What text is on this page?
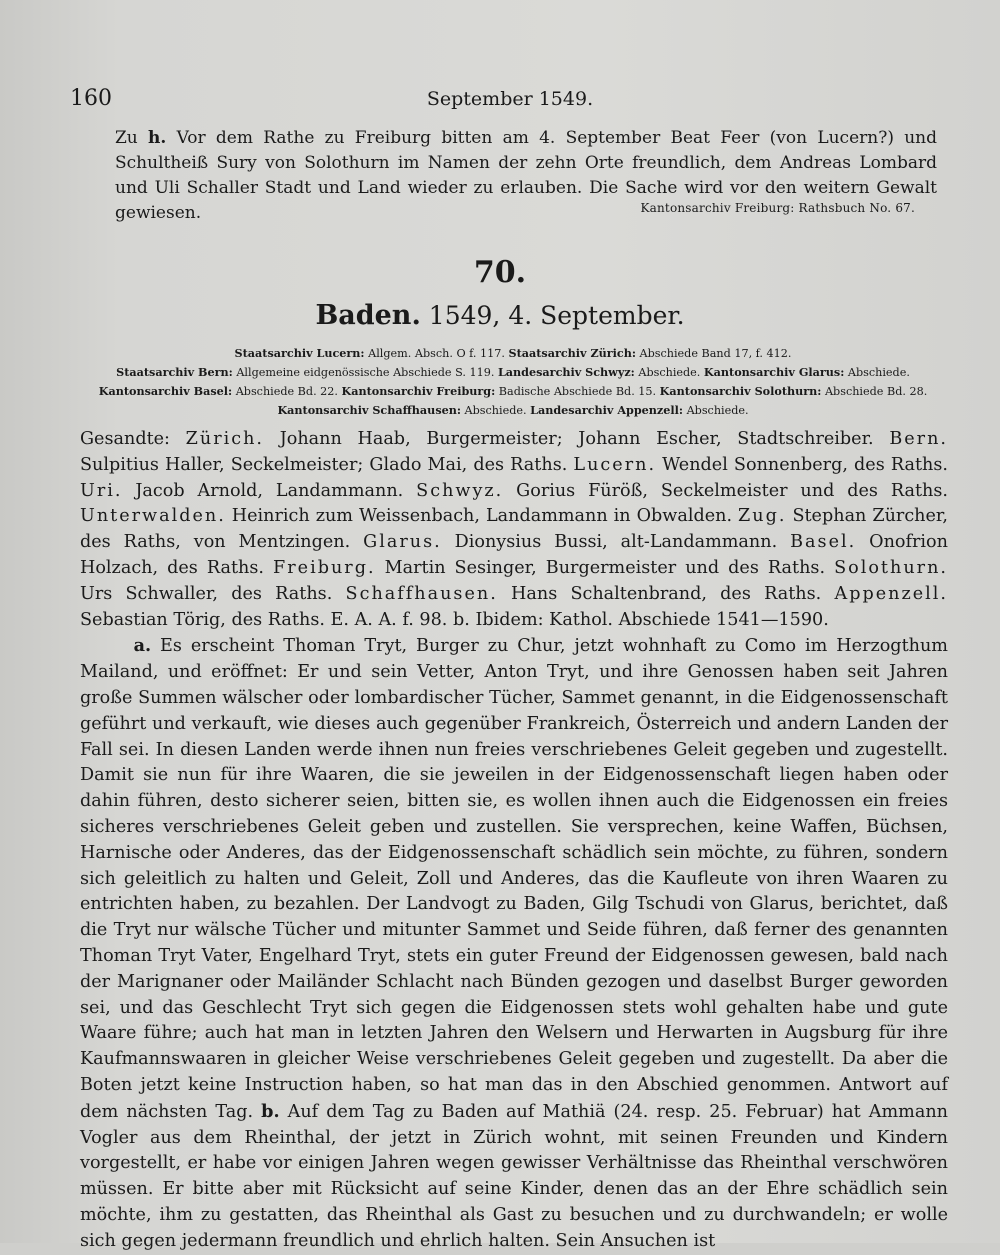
160	September 1549.
Zu h. Vor dem Rathe zu Freiburg bitten am 4. September Beat Feer (von Lucern?) und Schultheiß Sury von Solothurn im Namen der zehn Orte freundlich, dem Andreas Lombard und Uli Schaller Stadt und Land wieder zu erlauben. Die Sache wird vor den weitern Gewalt gewiesen.	Kantonsarchiv Freiburg: Rathsbuch No. 67.
70.
Baden. 1549, 4. September.
Staatsarchiv Lucern: Allgem. Absch. O f. 117. Staatsarchiv Zürich: Abschiede Band 17, f. 412.
Staatsarchiv Bern: Allgemeine eidgenössische Abschiede S. 119. Landesarchiv Schwyz: Abschiede. Kantonsarchiv Glarus: Abschiede.
Kantonsarchiv Basel: Abschiede Bd. 22. Kantonsarchiv Freiburg: Badische Abschiede Bd. 15. Kantonsarchiv Solothurn: Abschiede Bd. 28.
Kantonsarchiv Schaffhausen: Abschiede. Landesarchiv Appenzell: Abschiede.

Gesandte: Zürich. Johann Haab, Burgermeister; Johann Escher, Stadtschreiber. Bern. Sulpitius Haller, Seckelmeister; Glado Mai, des Raths. Lucern. Wendel Sonnenberg, des Raths. Uri. Jacob Arnold, Landammann. Schwyz. Gorius Füröß, Seckelmeister und des Raths. Unterwalden. Heinrich zum Weissenbach, Landammann in Obwalden. Zug. Stephan Zürcher, des Raths, von Mentzingen. Glarus. Dionysius Bussi, alt-Landammann. Basel. Onofrion Holzach, des Raths. Freiburg. Martin Sesinger, Burgermeister und des Raths. Solothurn. Urs Schwaller, des Raths. Schaffhausen. Hans Schaltenbrand, des Raths. Appenzell. Sebastian Törig, des Raths. E. A. A. f. 98. b. Ibidem: Kathol. Abschiede 1541—1590.

a. Es erscheint Thoman Tryt, Burger zu Chur, jetzt wohnhaft zu Como im Herzogthum Mailand, und eröffnet: Er und sein Vetter, Anton Tryt, und ihre Genossen haben seit Jahren große Summen wälscher oder lombardischer Tücher, Sammet genannt, in die Eidgenossenschaft geführt und verkauft, wie dieses auch gegenüber Frankreich, Österreich und andern Landen der Fall sei. In diesen Landen werde ihnen nun freies verschriebenes Geleit gegeben und zugestellt. Damit sie nun für ihre Waaren, die sie jeweilen in der Eidgenossenschaft liegen haben oder dahin führen, desto sicherer seien, bitten sie, es wollen ihnen auch die Eidgenossen ein freies sicheres verschriebenes Geleit geben und zustellen. Sie versprechen, keine Waffen, Büchsen, Harnische oder Anderes, das der Eidgenossenschaft schädlich sein möchte, zu führen, sondern sich geleitlich zu halten und Geleit, Zoll und Anderes, das die Kaufleute von ihren Waaren zu entrichten haben, zu bezahlen. Der Landvogt zu Baden, Gilg Tschudi von Glarus, berichtet, daß die Tryt nur wälsche Tücher und mitunter Sammet und Seide führen, daß ferner des genannten Thoman Tryt Vater, Engelhard Tryt, stets ein guter Freund der Eidgenossen gewesen, bald nach der Marignaner oder Mailänder Schlacht nach Bünden gezogen und daselbst Burger geworden sei, und das Geschlecht Tryt sich gegen die Eidgenossen stets wohl gehalten habe und gute Waare führe; auch hat man in letzten Jahren den Welsern und Herwarten in Augsburg für ihre Kaufmannswaaren in gleicher Weise verschriebenes Geleit gegeben und zugestellt. Da aber die Boten jetzt keine Instruction haben, so hat man das in den Abschied genommen. Antwort auf dem nächsten Tag. b. Auf dem Tag zu Baden auf Mathiä (24. resp. 25. Februar) hat Ammann Vogler aus dem Rheinthal, der jetzt in Zürich wohnt, mit seinen Freunden und Kindern vorgestellt, er habe vor einigen Jahren wegen gewisser Verhältnisse das Rheinthal verschwören müssen. Er bitte aber mit Rücksicht auf seine Kinder, denen das an der Ehre schädlich sein möchte, ihm zu gestatten, das Rheinthal als Gast zu besuchen und zu durchwandeln; er wolle sich gegen jedermann freundlich und ehrlich halten. Sein Ansuchen ist
